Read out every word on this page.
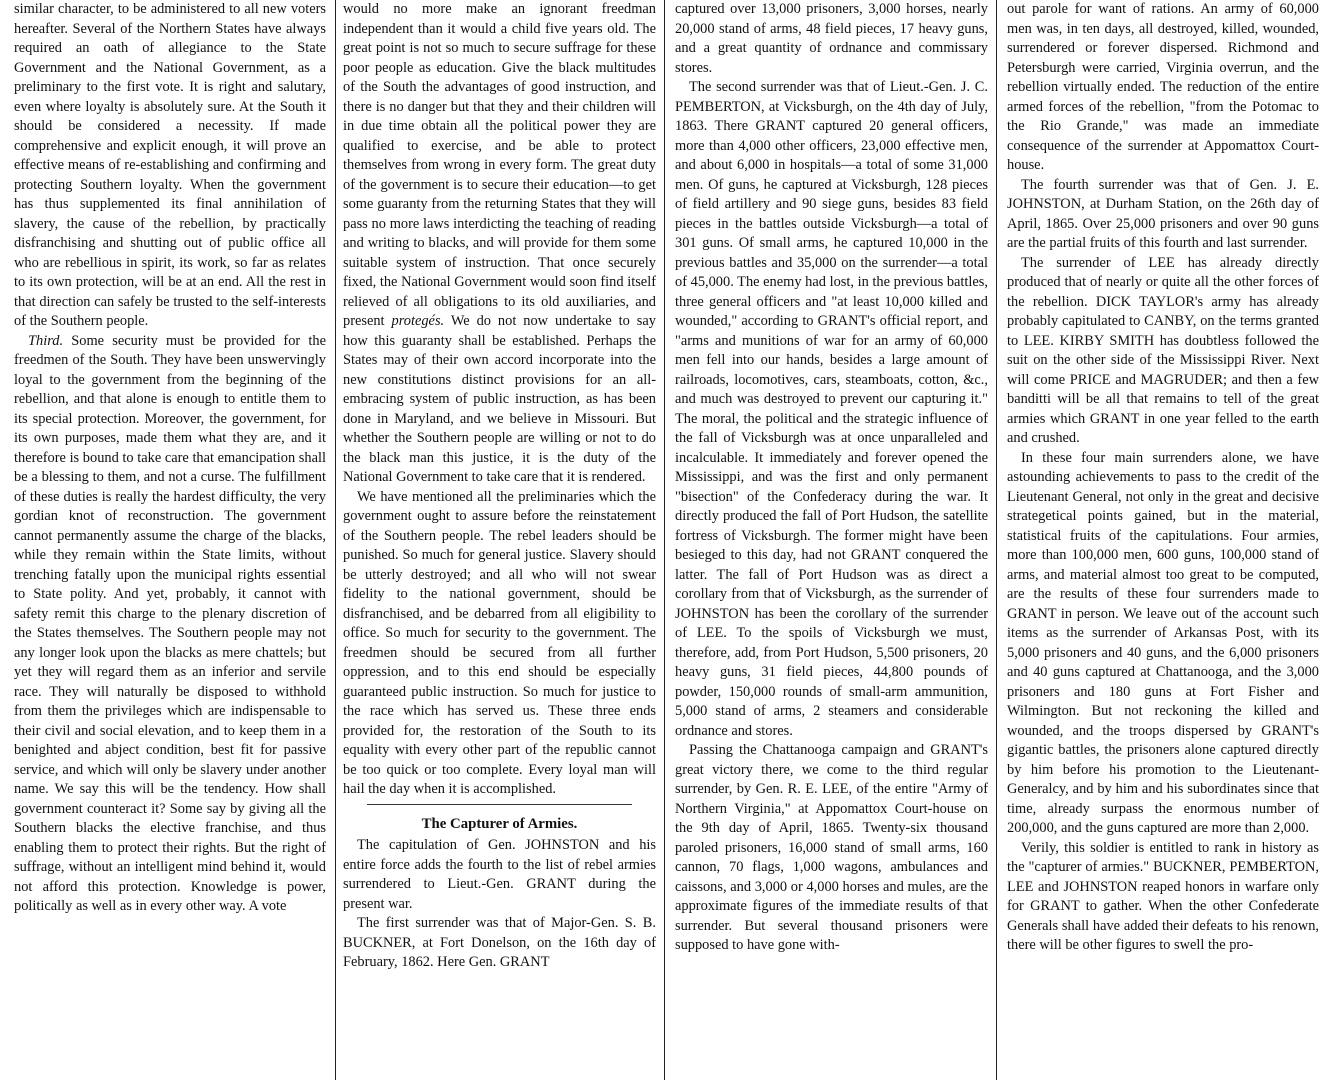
similar character, to be administered to all new voters hereafter. Several of the Northern States have always required an oath of allegiance to the State Government and the National Government, as a preliminary to the first vote. It is right and salutary, even where loyalty is absolutely sure. At the South it should be considered a necessity. If made comprehensive and explicit enough, it will prove an effective means of re-establishing and confirming and protecting Southern loyalty. When the government has thus supplemented its final annihilation of slavery, the cause of the rebellion, by practically disfranchising and shutting out of public office all who are rebellious in spirit, its work, so far as relates to its own protection, will be at an end. All the rest in that direction can safely be trusted to the self-interests of the Southern people.

Third. Some security must be provided for the freedmen of the South. They have been unswervingly loyal to the government from the beginning of the rebellion, and that alone is enough to entitle them to its special protection. Moreover, the government, for its own purposes, made them what they are, and it therefore is bound to take care that emancipation shall be a blessing to them, and not a curse. The fulfillment of these duties is really the hardest difficulty, the very gordian knot of reconstruction. The government cannot permanently assume the charge of the blacks, while they remain within the State limits, without trenching fatally upon the municipal rights essential to State polity. And yet, probably, it cannot with safety remit this charge to the plenary discretion of the States themselves. The Southern people may not any longer look upon the blacks as mere chattels; but yet they will regard them as an inferior and servile race. They will naturally be disposed to withhold from them the privileges which are indispensable to their civil and social elevation, and to keep them in a benighted and abject condition, best fit for passive service, and which will only be slavery under another name. We say this will be the tendency. How shall government counteract it? Some say by giving all the Southern blacks the elective franchise, and thus enabling them to protect their rights. But the right of suffrage, without an intelligent mind behind it, would not afford this protection. Knowledge is power, politically as well as in every other way. A vote

would no more make an ignorant freedman independent than it would a child five years old. The great point is not so much to secure suffrage for these poor people as education. Give the black multitudes of the South the advantages of good instruction, and there is no danger but that they and their children will in due time obtain all the political power they are qualified to exercise, and be able to protect themselves from wrong in every form. The great duty of the government is to secure their education—to get some guaranty from the returning States that they will pass no more laws interdicting the teaching of reading and writing to blacks, and will provide for them some suitable system of instruction. That once securely fixed, the National Government would soon find itself relieved of all obligations to its old auxiliaries, and present protegés. We do not now undertake to say how this guaranty shall be established. Perhaps the States may of their own accord incorporate into the new constitutions distinct provisions for an all-embracing system of public instruction, as has been done in Maryland, and we believe in Missouri. But whether the Southern people are willing or not to do the black man this justice, it is the duty of the National Government to take care that it is rendered.

We have mentioned all the preliminaries which the government ought to assure before the reinstatement of the Southern people. The rebel leaders should be punished. So much for general justice. Slavery should be utterly destroyed; and all who will not swear fidelity to the national government, should be disfranchised, and be debarred from all eligibility to office. So much for security to the government. The freedmen should be secured from all further oppression, and to this end should be especially guaranteed public instruction. So much for justice to the race which has served us. These three ends provided for, the restoration of the South to its equality with every other part of the republic cannot be too quick or too complete. Every loyal man will hail the day when it is accomplished.

The Capturer of Armies.

The capitulation of Gen. JOHNSTON and his entire force adds the fourth to the list of rebel armies surrendered to Lieut.-Gen. GRANT during the present war.

The first surrender was that of Major-Gen. S. B. BUCKNER, at Fort Donelson, on the 16th day of February, 1862. Here Gen. GRANT

captured over 13,000 prisoners, 3,000 horses, nearly 20,000 stand of arms, 48 field pieces, 17 heavy guns, and a great quantity of ordnance and commissary stores.

The second surrender was that of Lieut.-Gen. J. C. PEMBERTON, at Vicksburgh, on the 4th day of July, 1863. There GRANT captured 20 general officers, more than 4,000 other officers, 23,000 effective men, and about 6,000 in hospitals—a total of some 31,000 men. Of guns, he captured at Vicksburgh, 128 pieces of field artillery and 90 siege guns, besides 83 field pieces in the battles outside Vicksburgh—a total of 301 guns. Of small arms, he captured 10,000 in the previous battles and 35,000 on the surrender—a total of 45,000. The enemy had lost, in the previous battles, three general officers and "at least 10,000 killed and wounded," according to GRANT's official report, and "arms and munitions of war for an army of 60,000 men fell into our hands, besides a large amount of railroads, locomotives, cars, steamboats, cotton, &c., and much was destroyed to prevent our capturing it." The moral, the political and the strategic influence of the fall of Vicksburgh was at once unparalleled and incalculable. It immediately and forever opened the Mississippi, and was the first and only permanent "bisection" of the Confederacy during the war. It directly produced the fall of Port Hudson, the satellite fortress of Vicksburgh. The former might have been besieged to this day, had not GRANT conquered the latter. The fall of Port Hudson was as direct a corollary from that of Vicksburgh, as the surrender of JOHNSTON has been the corollary of the surrender of LEE. To the spoils of Vicksburgh we must, therefore, add, from Port Hudson, 5,500 prisoners, 20 heavy guns, 31 field pieces, 44,800 pounds of powder, 150,000 rounds of small-arm ammunition, 5,000 stand of arms, 2 steamers and considerable ordnance and stores.

Passing the Chattanooga campaign and GRANT's great victory there, we come to the third regular surrender, by Gen. R. E. LEE, of the entire "Army of Northern Virginia," at Appomattox Court-house on the 9th day of April, 1865. Twenty-six thousand paroled prisoners, 16,000 stand of small arms, 160 cannon, 70 flags, 1,000 wagons, ambulances and caissons, and 3,000 or 4,000 horses and mules, are the approximate figures of the immediate results of that surrender. But several thousand prisoners were supposed to have gone with-

out parole for want of rations. An army of 60,000 men was, in ten days, all destroyed, killed, wounded, surrendered or forever dispersed. Richmond and Petersburgh were carried, Virginia overrun, and the rebellion virtually ended. The reduction of the entire armed forces of the rebellion, "from the Potomac to the Rio Grande," was made an immediate consequence of the surrender at Appomattox Court-house.

The fourth surrender was that of Gen. J. E. JOHNSTON, at Durham Station, on the 26th day of April, 1865. Over 25,000 prisoners and over 90 guns are the partial fruits of this fourth and last surrender.

The surrender of LEE has already directly produced that of nearly or quite all the other forces of the rebellion. DICK TAYLOR's army has already probably capitulated to CANBY, on the terms granted to LEE. KIRBY SMITH has doubtless followed the suit on the other side of the Mississippi River. Next will come PRICE and MAGRUDER; and then a few banditti will be all that remains to tell of the great armies which GRANT in one year felled to the earth and crushed.

In these four main surrenders alone, we have astounding achievements to pass to the credit of the Lieutenant General, not only in the great and decisive strategetical points gained, but in the material, statistical fruits of the capitulations. Four armies, more than 100,000 men, 600 guns, 100,000 stand of arms, and material almost too great to be computed, are the results of these four surrenders made to GRANT in person. We leave out of the account such items as the surrender of Arkansas Post, with its 5,000 prisoners and 40 guns, and the 6,000 prisoners and 40 guns captured at Chattanooga, and the 3,000 prisoners and 180 guns at Fort Fisher and Wilmington. But not reckoning the killed and wounded, and the troops dispersed by GRANT's gigantic battles, the prisoners alone captured directly by him before his promotion to the Lieutenant-Generalcy, and by him and his subordinates since that time, already surpass the enormous number of 200,000, and the guns captured are more than 2,000.

Verily, this soldier is entitled to rank in history as the "capturer of armies." BUCKNER, PEMBERTON, LEE and JOHNSTON reaped honors in warfare only for GRANT to gather. When the other Confederate Generals shall have added their defeats to his renown, there will be other figures to swell the pro-
